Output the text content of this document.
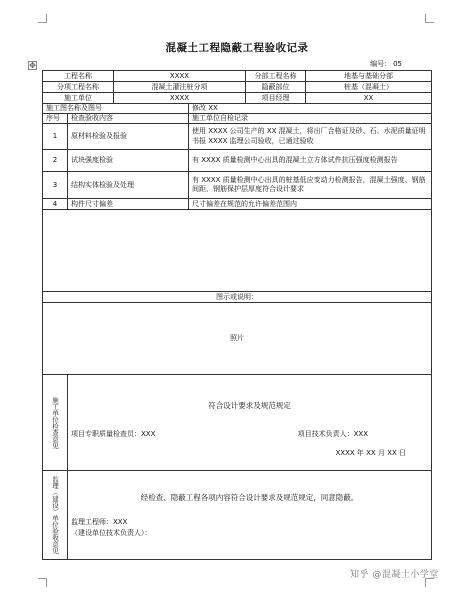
✥
混凝土工程隐蔽工程验收记录
编号： 05
工程名称		XXXX		分部工程名称	地基与基础分部
分项工程名称		混凝土灌注桩分项		隐蔽部位	桩基（混凝土）
施工单位		XXXX		项目经理	XX
施工图名称及图号			修改 XX		
序号	检查验收内容		施工单位自检记录		
1	原材料检验及报验		使用 XXXX 公司生产的 XX 混凝土，将出厂合格证及砂、石、水泥质量证明书报 XXXX 监理公司验收，已通过验收		
2	试块强度检验		有 XXXX 质量检测中心出具的混凝土立方体试件抗压强度检测报告		
3	结构实体检验及处理		有 XXXX 质量检测中心出具的桩基低应变动力检测报告，混凝土强度、钢筋间距、钢筋保护层厚度符合设计要求		
4	构件尺寸偏差		尺寸偏差在规范的允许偏差范围内		

图示或说明：					
照片					

施工单位检查意见	符合设计要求及规范规定
项目专职质量检查员：XXX 项目技术负责人：XXX
XXXX 年 XX 月 XX 日				

监理（建设）单位验收意见	经检查、隐蔽工程各项内容符合设计要求及规范规定，同意隐蔽。
监理工程师：XXX
（建设单位技术负责人）：				
知乎 @混凝土小学堂
